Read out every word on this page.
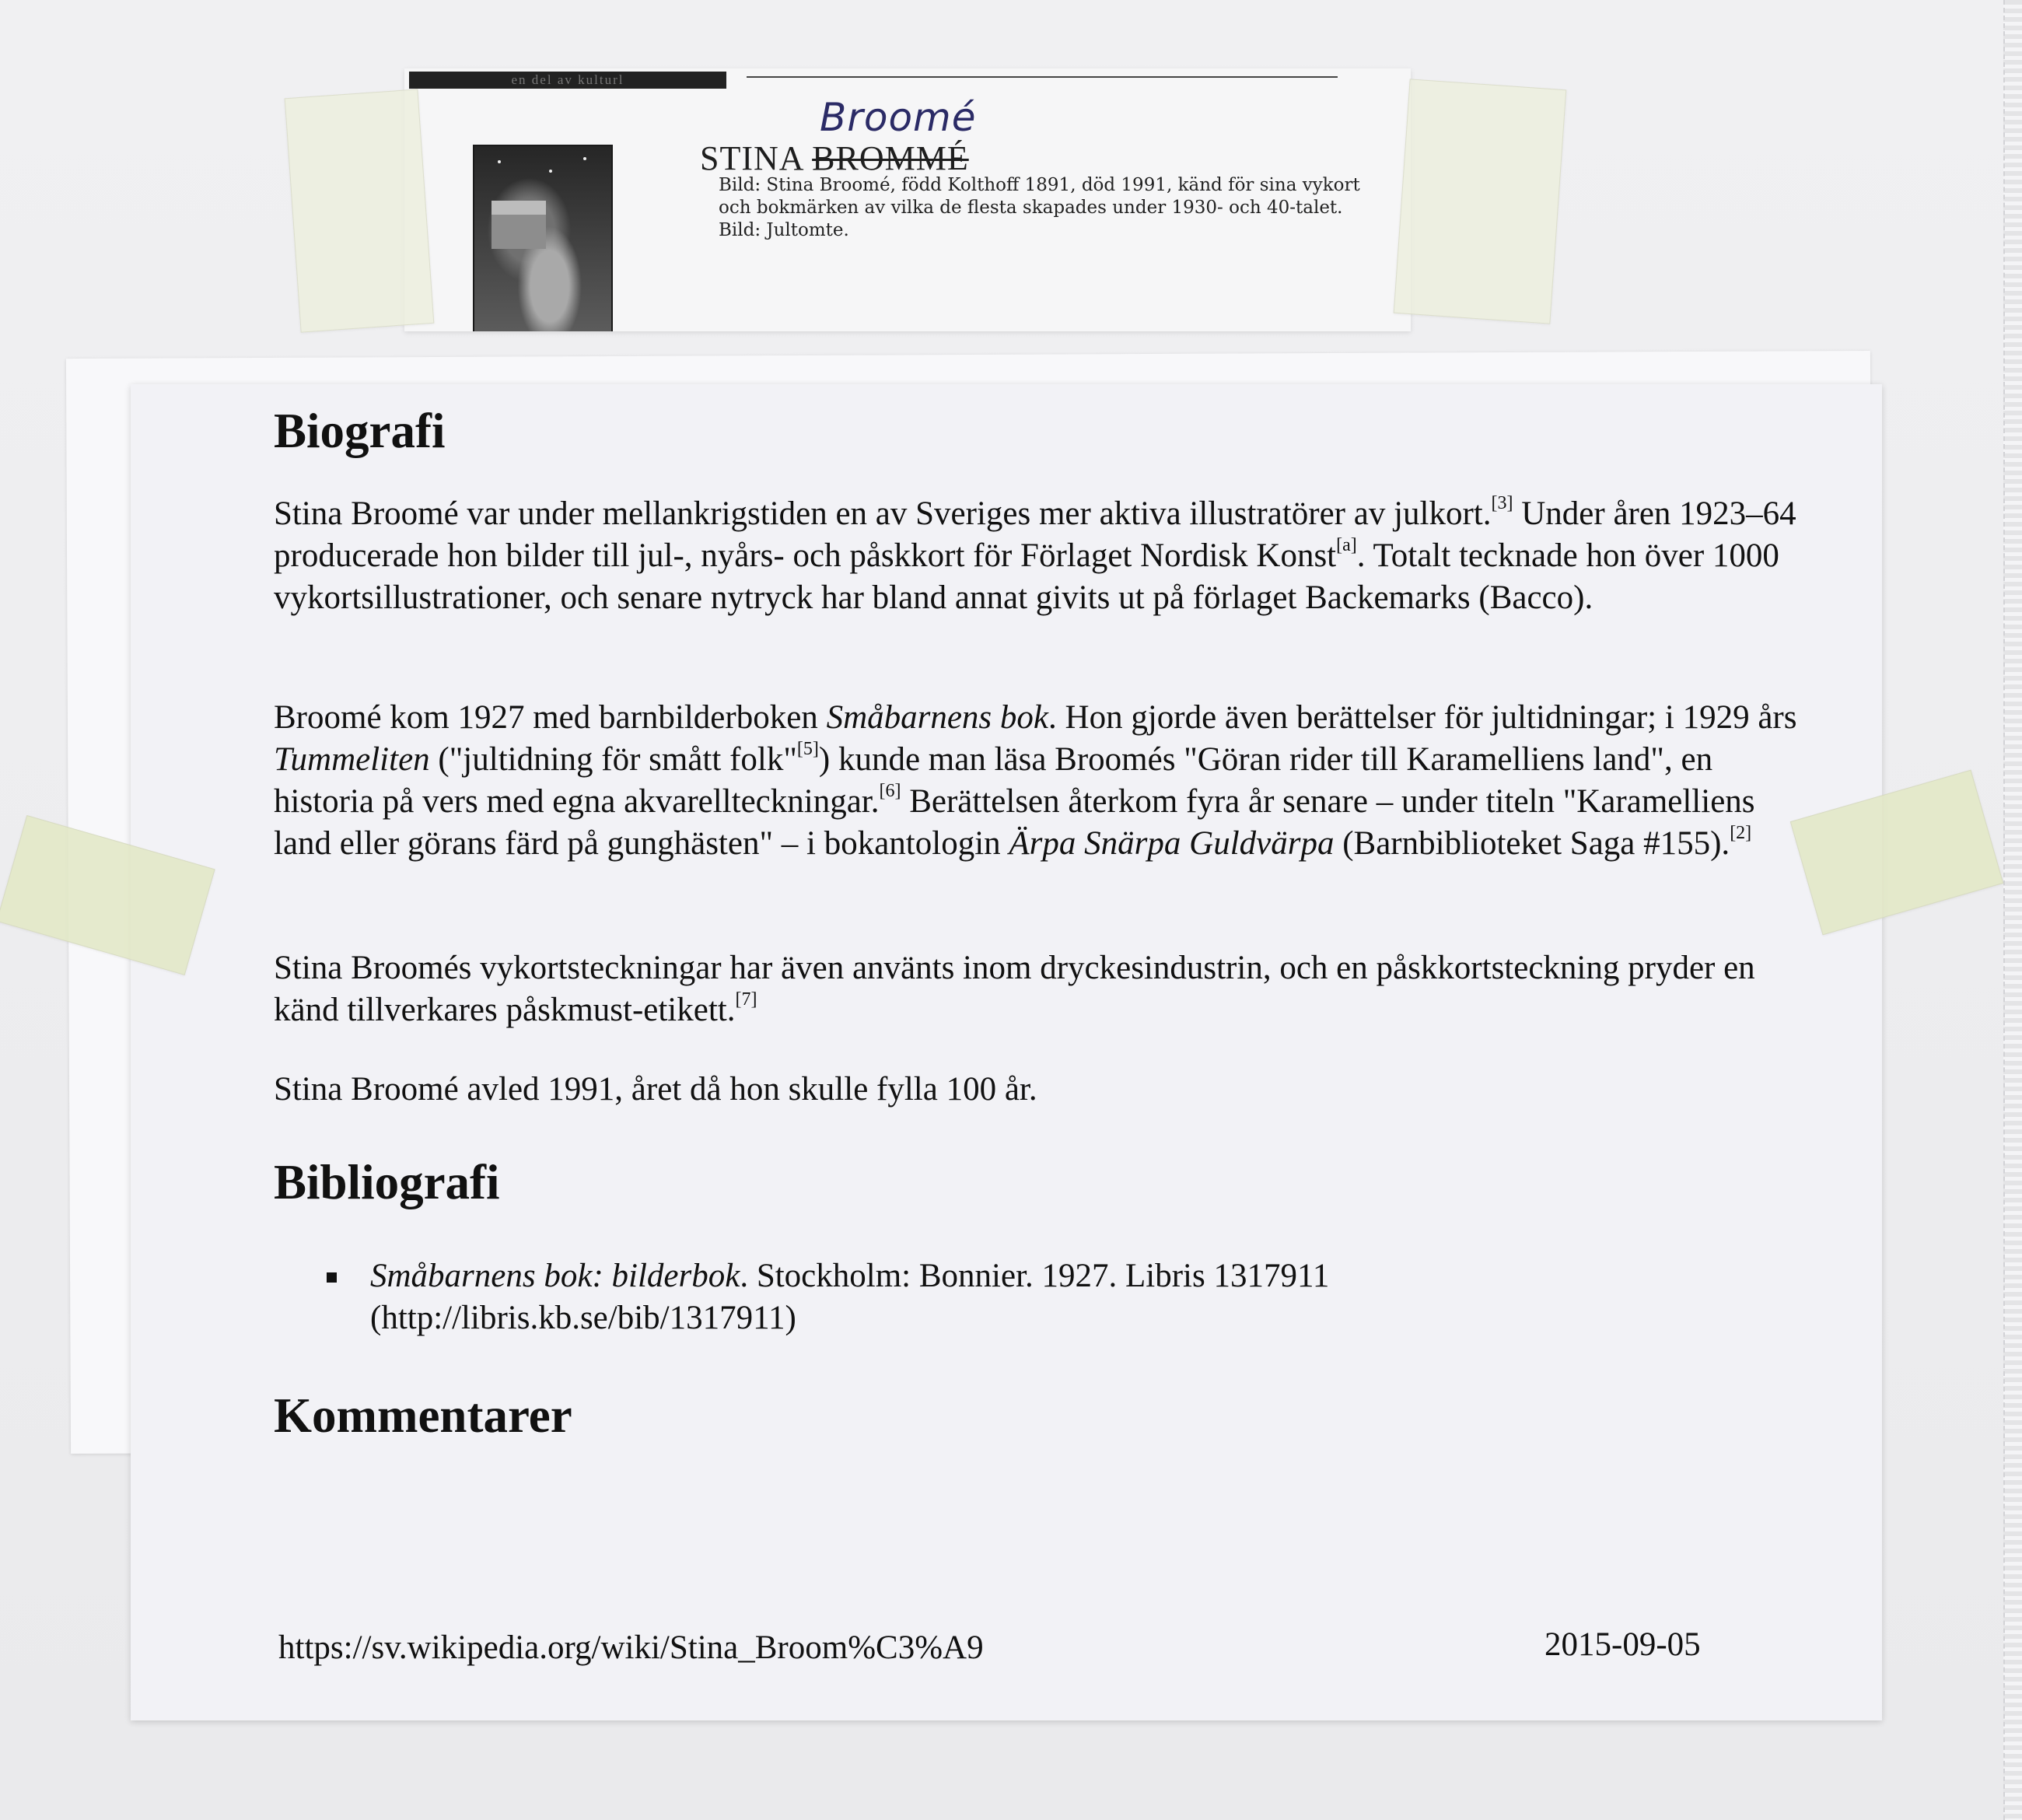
en del av kulturl
Broomé
STINA BROMMÉ
Bild: Stina Broomé, född Kolthoff 1891, död 1991, känd för sina vykort
och bokmärken av vilka de flesta skapades under 1930- och 40-talet.
Bild: Jultomte.
Biografi

Stina Broomé var under mellankrigstiden en av Sveriges mer aktiva illustratörer av julkort.[3] Under åren 1923–64 producerade hon bilder till jul-, nyårs- och påskkort för Förlaget Nordisk Konst[a]. Totalt tecknade hon över 1000 vykortsillustrationer, och senare nytryck har bland annat givits ut på förlaget Backemarks (Bacco).

Broomé kom 1927 med barnbilderboken Småbarnens bok. Hon gjorde även berättelser för jultidningar; i 1929 års Tummeliten ("jultidning för smått folk"[5]) kunde man läsa Broomés "Göran rider till Karamelliens land", en historia på vers med egna akvarellteckningar.[6] Berättelsen återkom fyra år senare – under titeln "Karamelliens land eller görans färd på gunghästen" – i bokantologin Ärpa Snärpa Guldvärpa (Barnbiblioteket Saga #155).[2]

Stina Broomés vykortsteckningar har även använts inom dryckesindustrin, och en påskkortsteckning pryder en känd tillverkares påskmust-etikett.[7]

Stina Broomé avled 1991, året då hon skulle fylla 100 år.

Bibliografi
Småbarnens bok: bilderbok. Stockholm: Bonnier. 1927. Libris 1317911 (http://libris.kb.se/bib/1317911)
Kommentarer
https://sv.wikipedia.org/wiki/Stina_Broom%C3%A9	2015-09-05
